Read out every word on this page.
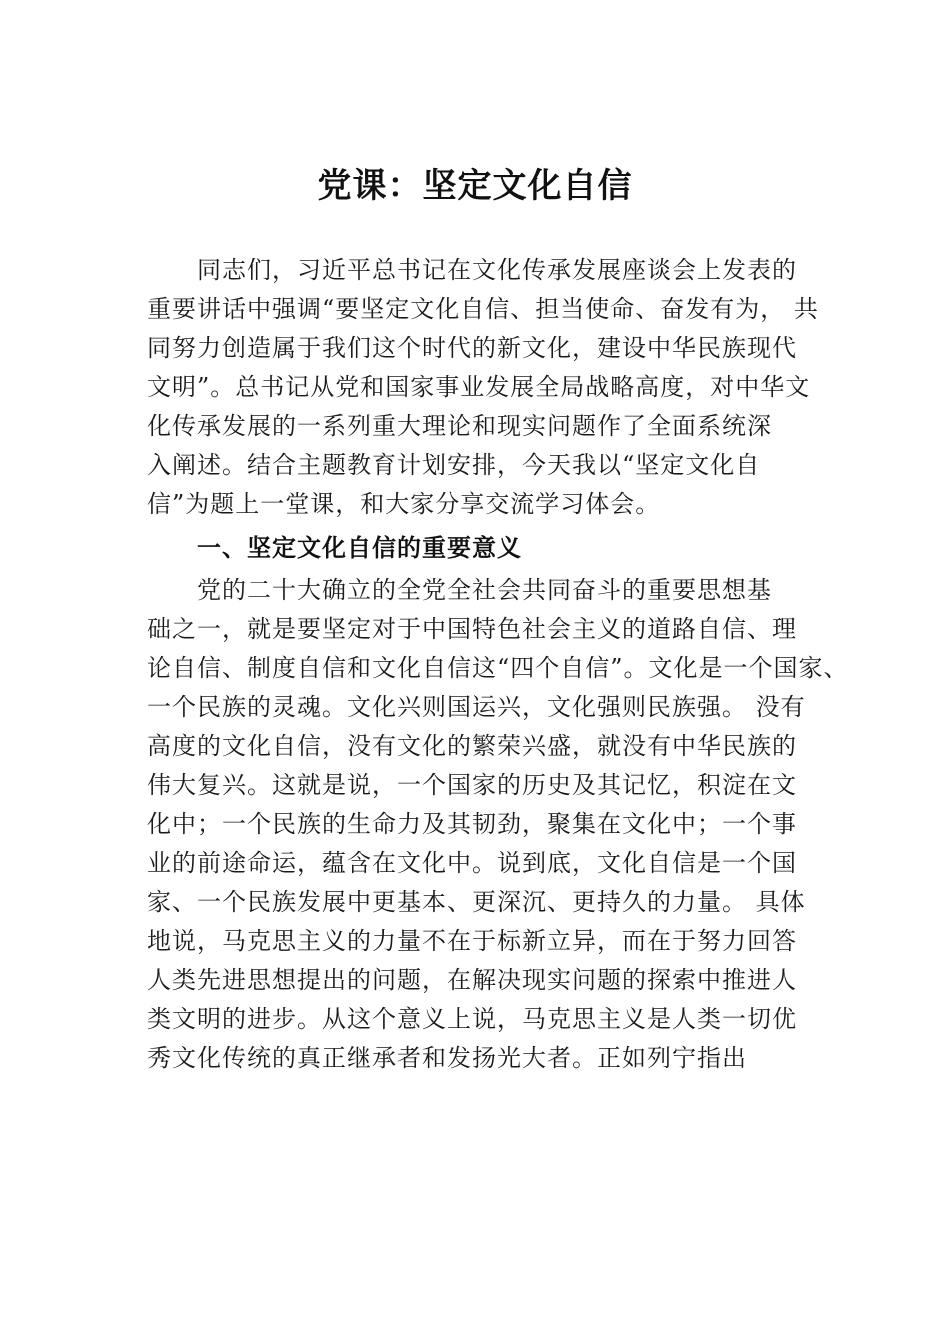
党课：坚定文化自信
同志们，习近平总书记在文化传承发展座谈会上发表的
重要讲话中强调“要坚定文化自信、担当使命、奋发有为， 共
同努力创造属于我们这个时代的新文化，建设中华民族现代
文明”。总书记从党和国家事业发展全局战略高度，对中华文
化传承发展的一系列重大理论和现实问题作了全面系统深
入阐述。结合主题教育计划安排，今天我以“坚定文化自
信”为题上一堂课，和大家分享交流学习体会。
一、坚定文化自信的重要意义
党的二十大确立的全党全社会共同奋斗的重要思想基
础之一，就是要坚定对于中国特色社会主义的道路自信、理
论自信、制度自信和文化自信这“四个自信”。文化是一个国家、
一个民族的灵魂。文化兴则国运兴，文化强则民族强。 没有
高度的文化自信，没有文化的繁荣兴盛，就没有中华民族的
伟大复兴。这就是说，一个国家的历史及其记忆，积淀在文
化中；一个民族的生命力及其韧劲，聚集在文化中；一个事
业的前途命运，蕴含在文化中。说到底，文化自信是一个国
家、一个民族发展中更基本、更深沉、更持久的力量。 具体
地说，马克思主义的力量不在于标新立异，而在于努力回答
人类先进思想提出的问题，在解决现实问题的探索中推进人
类文明的进步。从这个意义上说，马克思主义是人类一切优
秀文化传统的真正继承者和发扬光大者。正如列宁指出
